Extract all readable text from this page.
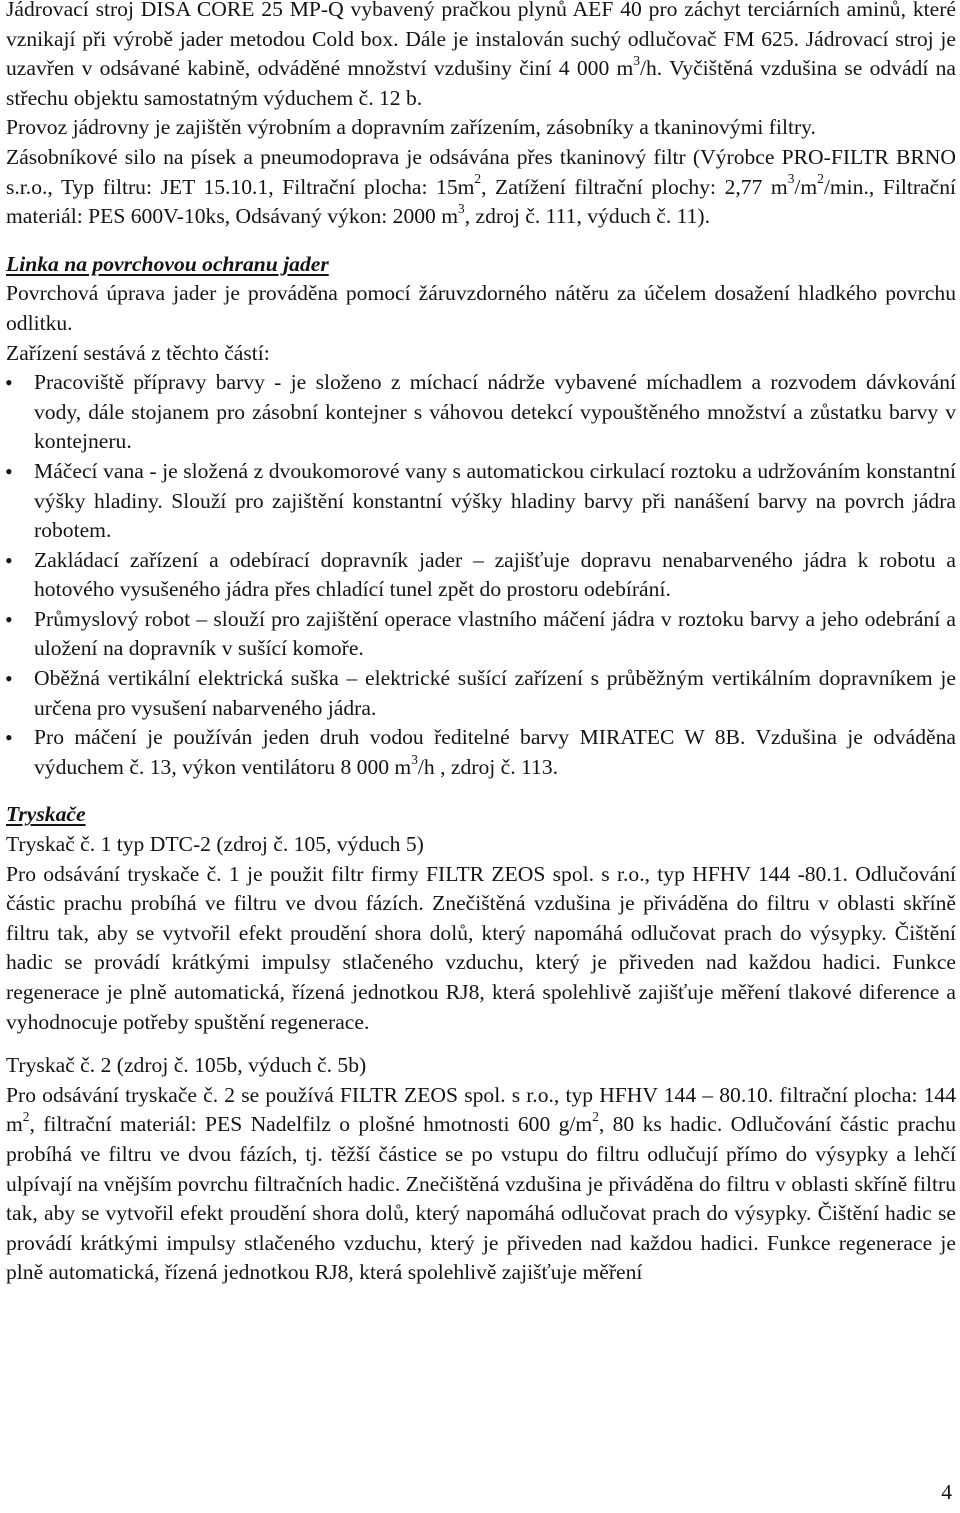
Jádrovací stroj DISA CORE 25 MP-Q vybavený pračkou plynů AEF 40 pro záchyt terciárních aminů, které vznikají při výrobě jader metodou Cold box. Dále je instalován suchý odlučovač FM 625. Jádrovací stroj je uzavřen v odsávané kabině, odváděné množství vzdušiny činí 4 000 $m^3/h$. Vyčištěná vzdušina se odvádí na střechu objektu samostatným výduchem č. 12 b.

Provoz jádrovny je zajištěn výrobním a dopravním zařízením, zásobníky a tkaninovými filtry.

Zásobníkové silo na písek a pneumodoprava je odsávána přes tkaninový filtr (Výrobce PRO-FILTR BRNO s.r.o., Typ filtru: JET 15.10.1, Filtrační plocha: $15m^2$, Zatížení filtrační plochy: 2,77 $m^3/m^2/\min$., Filtrační materiál: PES 600V-10ks, Odsávaný výkon: 2000 $m^3$, zdroj č. 111, výduch č. 11).

Linka na povrchovou ochranu jader

Povrchová úprava jader je prováděna pomocí žáruvzdorného nátěru za účelem dosažení hladkého povrchu odlitku.

Zařízení sestává z těchto částí:

• Pracoviště přípravy barvy - je složeno z míchací nádrže vybavené míchadlem a rozvodem dávkování vody, dále stojanem pro zásobní kontejner s váhovou detekcí vypouštěného množství a zůstatku barvy v kontejneru.
• Máčecí vana - je složená z dvoukomorové vany s automatickou cirkulací roztoku a udržováním konstantní výšky hladiny. Slouží pro zajištění konstantní výšky hladiny barvy při nanášení barvy na povrch jádra robotem.
• Zakládací zařízení a odebírací dopravník jader – zajišťuje dopravu nenabarveného jádra k robotu a hotového vysušeného jádra přes chladící tunel zpět do prostoru odebírání.
• Průmyslový robot – slouží pro zajištění operace vlastního máčení jádra v roztoku barvy a jeho odebrání a uložení na dopravník v sušící komoře.
• Oběžná vertikální elektrická suška – elektrické sušící zařízení s průběžným vertikálním dopravníkem je určena pro vysušení nabarveného jádra.
• Pro máčení je používán jeden druh vodou ředitelné barvy MIRATEC W 8B. Vzdušina je odváděna výduchem č. 13, výkon ventilátoru 8 000 $m^3/h$ , zdroj č. 113.

Tryskače

Tryskač č. 1 typ DTC-2 (zdroj č. 105, výduch 5)

Pro odsávání tryskače č. 1 je použit filtr firmy FILTR ZEOS spol. s r.o., typ HFHV 144 -80.1. Odlučování částic prachu probíhá ve filtru ve dvou fázích. Znečištěná vzdušina je přiváděna do filtru v oblasti skříně filtru tak, aby se vytvořil efekt proudění shora dolů, který napomáhá odlučovat prach do výsypky. Čištění hadic se provádí krátkými impulsy stlačeného vzduchu, který je přiveden nad každou hadici. Funkce regenerace je plně automatická, řízená jednotkou RJ8, která spolehlivě zajišťuje měření tlakové diference a vyhodnocuje potřeby spuštění regenerace.

Tryskač č. 2 (zdroj č. 105b, výduch č. 5b)

Pro odsávání tryskače č. 2 se používá FILTR ZEOS spol. s r.o., typ HFHV 144 – 80.10. filtrační plocha: 144 $m^2$, filtrační materiál: PES Nadelfilz o plošné hmotnosti 600 $g/m^2$, 80 ks hadic. Odlučování částic prachu probíhá ve filtru ve dvou fázích, tj. těžší částice se po vstupu do filtru odlučují přímo do výsypky a lehčí ulpívají na vnějším povrchu filtračních hadic. Znečištěná vzdušina je přiváděna do filtru v oblasti skříně filtru tak, aby se vytvořil efekt proudění shora dolů, který napomáhá odlučovat prach do výsypky. Čištění hadic se provádí krátkými impulsy stlačeného vzduchu, který je přiveden nad každou hadici. Funkce regenerace je plně automatická, řízená jednotkou RJ8, která spolehlivě zajišťuje měření

4
